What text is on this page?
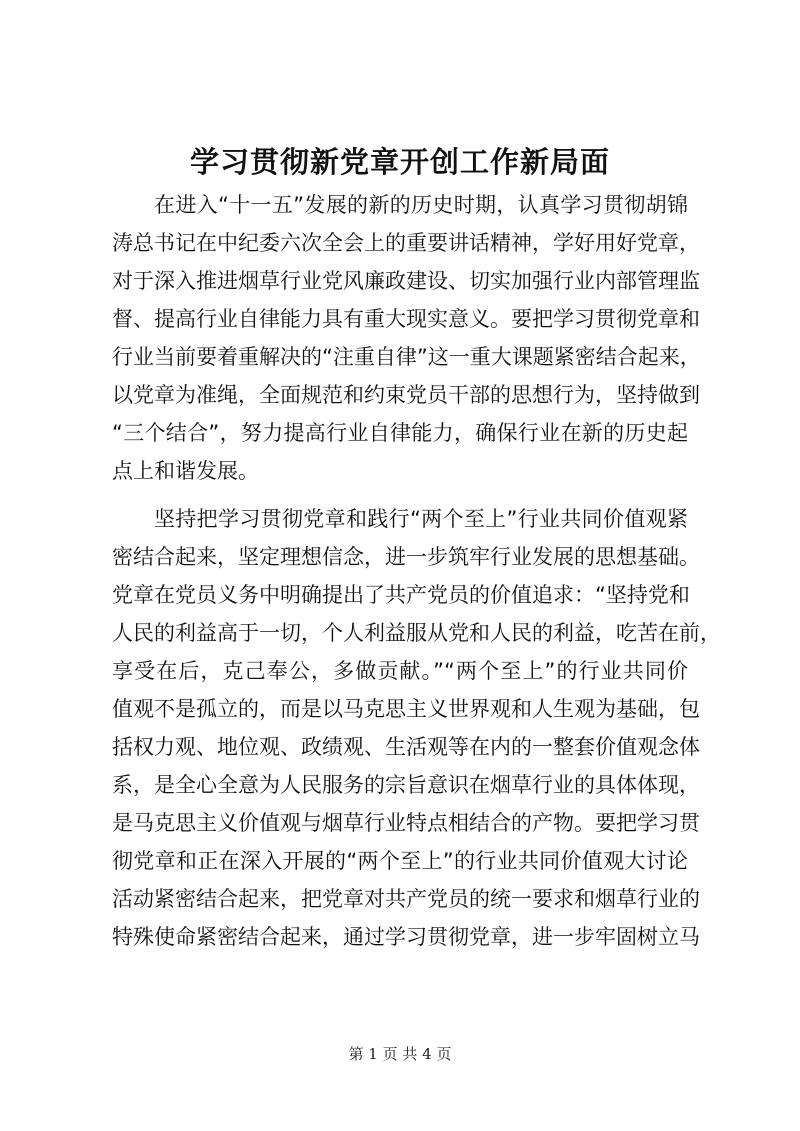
学习贯彻新党章开创工作新局面
在进入“十一五”发展的新的历史时期，认真学习贯彻胡锦
涛总书记在中纪委六次全会上的重要讲话精神，学好用好党章，
对于深入推进烟草行业党风廉政建设、切实加强行业内部管理监
督、提高行业自律能力具有重大现实意义。要把学习贯彻党章和
行业当前要着重解决的“注重自律”这一重大课题紧密结合起来，
以党章为准绳，全面规范和约束党员干部的思想行为，坚持做到
“三个结合”，努力提高行业自律能力，确保行业在新的历史起
点上和谐发展。
坚持把学习贯彻党章和践行“两个至上”行业共同价值观紧
密结合起来，坚定理想信念，进一步筑牢行业发展的思想基础。
党章在党员义务中明确提出了共产党员的价值追求：“坚持党和
人民的利益高于一切，个人利益服从党和人民的利益，吃苦在前，
享受在后，克己奉公，多做贡献。”“两个至上”的行业共同价
值观不是孤立的，而是以马克思主义世界观和人生观为基础，包
括权力观、地位观、政绩观、生活观等在内的一整套价值观念体
系，是全心全意为人民服务的宗旨意识在烟草行业的具体体现，
是马克思主义价值观与烟草行业特点相结合的产物。要把学习贯
彻党章和正在深入开展的“两个至上”的行业共同价值观大讨论
活动紧密结合起来，把党章对共产党员的统一要求和烟草行业的
特殊使命紧密结合起来，通过学习贯彻党章，进一步牢固树立马
第 1 页 共 4 页
